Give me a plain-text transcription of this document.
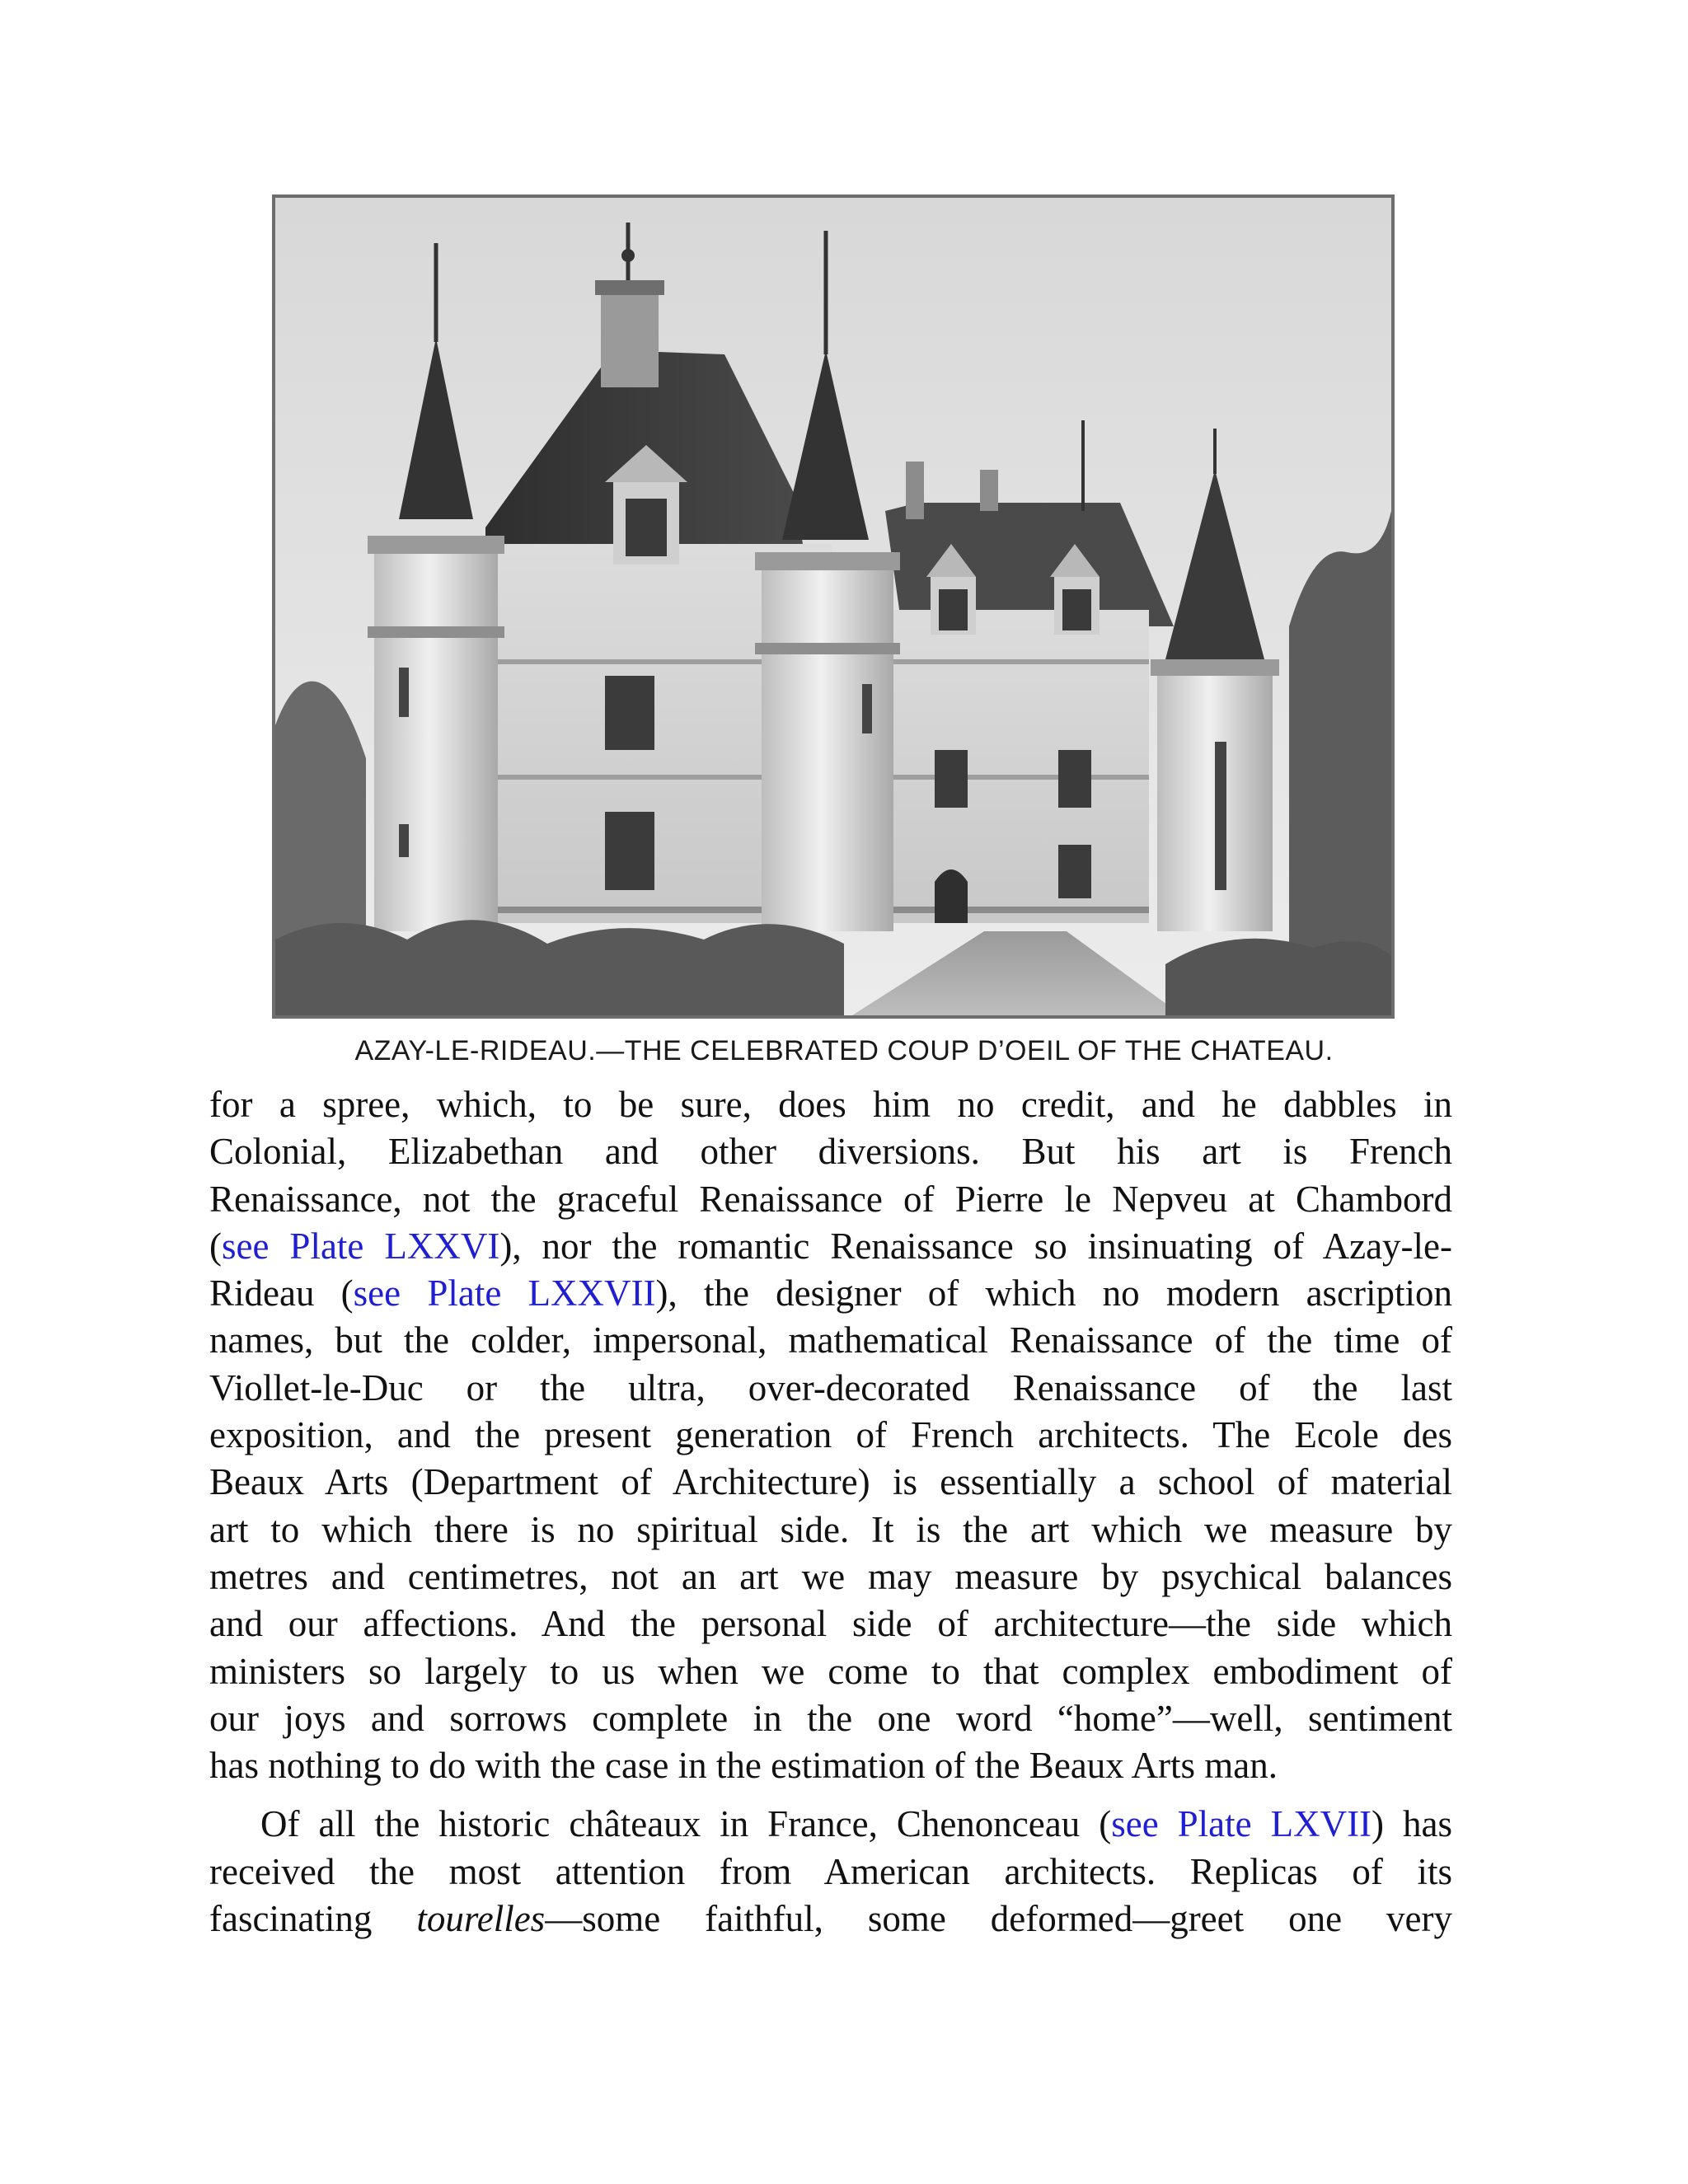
AZAY-LE-RIDEAU.—THE CELEBRATED COUP D’OEIL OF THE CHATEAU.
for a spree, which, to be sure, does him no credit, and he dabbles in
Colonial, Elizabethan and other diversions. But his art is French
Renaissance, not the graceful Renaissance of Pierre le Nepveu at Chambord
(see Plate LXXVI), nor the romantic Renaissance so insinuating of Azay-le-
Rideau (see Plate LXXVII), the designer of which no modern ascription
names, but the colder, impersonal, mathematical Renaissance of the time of
Viollet-le-Duc or the ultra, over-decorated Renaissance of the last
exposition, and the present generation of French architects. The Ecole des
Beaux Arts (Department of Architecture) is essentially a school of material
art to which there is no spiritual side. It is the art which we measure by
metres and centimetres, not an art we may measure by psychical balances
and our affections. And the personal side of architecture—the side which
ministers so largely to us when we come to that complex embodiment of
our joys and sorrows complete in the one word “home”—well, sentiment
has nothing to do with the case in the estimation of the Beaux Arts man.
Of all the historic châteaux in France, Chenonceau (see Plate LXVII) has
received the most attention from American architects. Replicas of its
fascinating tourelles—some faithful, some deformed—greet one very
